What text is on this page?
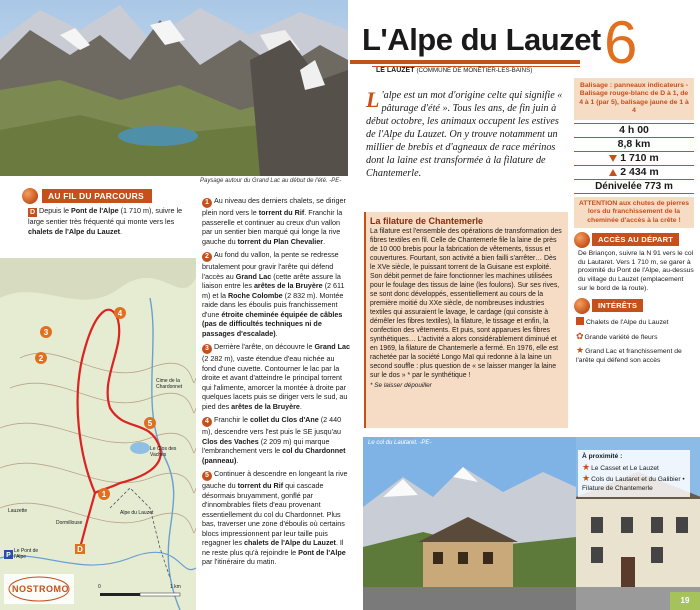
Paysage autour du Grand Lac au début de l'été. -PE-
AU FIL DU PARCOURS
D Depuis le Pont de l'Alpe (1 710 m), suivre le large sentier très fréquenté qui monte vers les chalets de l'Alpe du Lauzet.

1 Au niveau des derniers chalets, se diriger plein nord vers le torrent du Rif. Franchir la passerelle et continuer au creux d'un vallon par un sentier bien marqué qui longe la rive gauche du torrent du Plan Chevalier.

2 Au fond du vallon, la pente se redresse brutalement pour gravir l'arête qui défend l'accès au Grand Lac (cette arête assure la liaison entre les arêtes de la Bruyère (2 611 m) et la Roche Colombe (2 832 m). Montée raide dans les éboulis puis franchissement d'une étroite cheminée équipée de câbles (pas de difficultés techniques ni de passages d'escalade).

3 Derrière l'arête, on découvre le Grand Lac (2 282 m), vaste étendue d'eau nichée au fond d'une cuvette. Contourner le lac par la droite et avant d'atteindre le principal torrent qui l'alimente, amorcer la montée à droite par quelques lacets puis se diriger vers le sud, au pied des arêtes de la Bruyère.

4 Franchir le collet du Clos d'Ane (2 440 m), descendre vers l'est puis le SE jusqu'au Clos des Vaches (2 209 m) qui marque l'embranchement vers le col du Chardonnet (panneau).

5 Continuer à descendre en longeant la rive gauche du torrent du Rif qui cascade désormais bruyamment, gonflé par d'innombrables filets d'eau provenant essentiellement du col du Chardonnet. Plus bas, traverser une zone d'éboulis où certains blocs impressionnent par leur taille puis regagner les chalets de l'Alpe du Lauzet. Il ne reste plus qu'à rejoindre le Pont de l'Alpe par l'itinéraire du matin.

4
3
2
5
1
D
P
Le Pont de l'Alpe
Dormillouse
Lauzette
Le Clos des Vaches
Cime de la Chardonnet
Alpe du Lauzet
0	1 km
NOSTROMO
L'Alpe du Lauzet 6
LE LAUZET (COMMUNE DE MONÊTIER-LES-BAINS)
L 'alpe est un mot d'origine celte qui signifie « pâturage d'été ». Tous les ans, de fin juin à début octobre, les animaux occupent les estives de l'Alpe du Lauzet. On y trouve notamment un millier de brebis et d'agneaux de race mérinos dont la laine est transformée à la filature de Chantemerle.
La filature de Chantemerle

La filature est l'ensemble des opérations de transformation des fibres textiles en fil. Celle de Chantemerle file la laine de près de 10 000 brebis pour la fabrication de vêtements, tissus et couvertures. Fourtant, son activité a bien failli s'arrêter… Dès le XVe siècle, le puissant torrent de la Guisane est exploité. Son débit permet de faire fonctionner les machines utilisées pour le foulage des tissus de laine (les foulons). Sur ses rives, se sont donc développés, essentiellement au cours de la première moitié du XXe siècle, de nombreuses industries textiles qui assuraient le lavage, le cardage (qui consiste à démêler les fibres textiles), la filature, le tissage et enfin, la confection des vêtements. Et puis, sont apparues les fibres synthétiques… L'activité a alors considérablement diminué et en 1969, la filature de Chantemerle a fermé. En 1976, elle est rachetée par la société Longo Maï qui redonne à la laine un second souffle : plus question de « se laisser manger la laine sur le dos » * par le synthétique !

* Se laisser dépouiller

Balisage : panneaux indicateurs - Balisage rouge-blanc de D à 1, de 4 à 1 (par 5), balisage jaune de 1 à 4
4 h 00
8,8 km
1 710 m
2 434 m
Dénivelée 773 m
ATTENTION aux chutes de pierres lors du franchissement de la cheminée d'accès à la crête !
ACCÈS AU DÉPART
De Briançon, suivre la N 91 vers le col du Lautaret. Vers 1 710 m, se garer à proximité du Pont de l'Alpe, au-dessus du village du Lauzet (emplacement sur le bord de la route).
INTÉRÊTS
Chalets de l'Alpe du Lauzet
✿Grande variété de fleurs
★Grand Lac et franchissement de l'arête qui défend son accès
Le col du Lautaret. -PE-
À proximité :
★Le Casset et Le Lauzet
★Cols du Lautaret et du Galibier • Filature de Chantemerle
19
